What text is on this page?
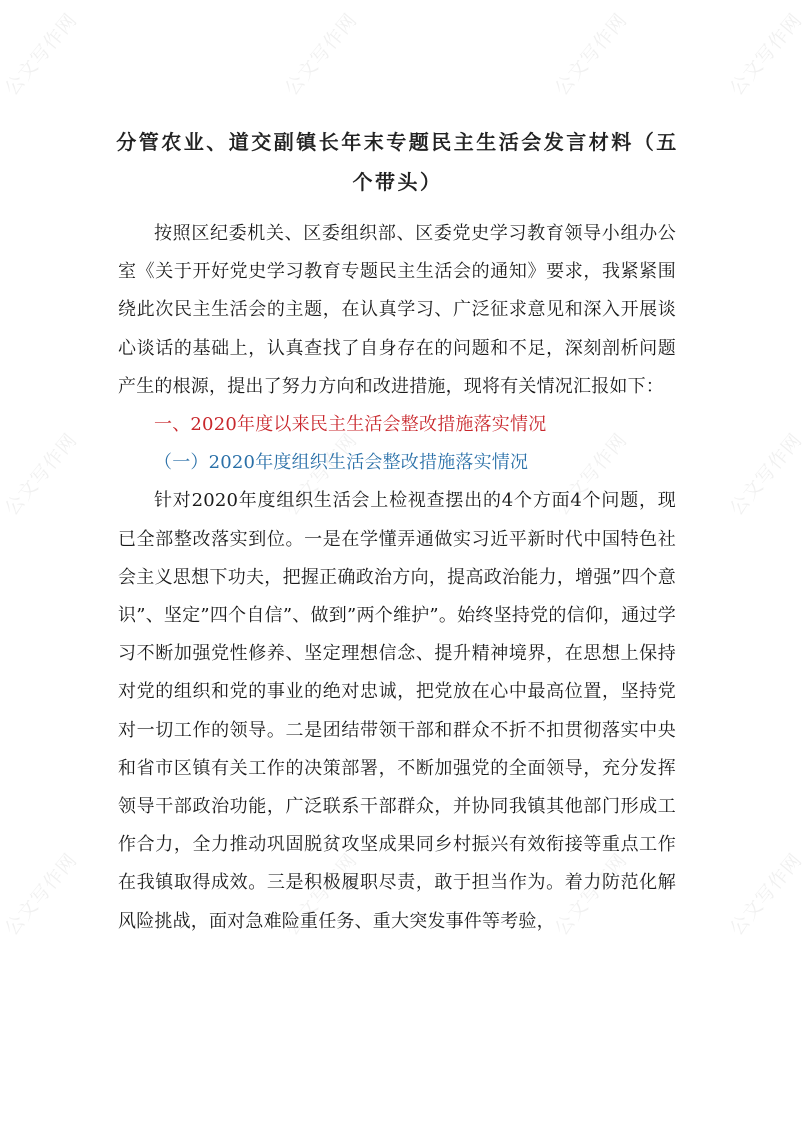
公文写作网	公文写作网	公文写作网	公文写作网
公文写作网	公文写作网	公文写作网	公文写作网
公文写作网	公文写作网	公文写作网	公文写作网
分管农业、道交副镇长年末专题民主生活会发言材料（五个带头）

按照区纪委机关、区委组织部、区委党史学习教育领导小组办公室《关于开好党史学习教育专题民主生活会的通知》要求，我紧紧围绕此次民主生活会的主题，在认真学习、广泛征求意见和深入开展谈心谈话的基础上，认真查找了自身存在的问题和不足，深刻剖析问题产生的根源，提出了努力方向和改进措施，现将有关情况汇报如下：

一、2020年度以来民主生活会整改措施落实情况

（一）2020年度组织生活会整改措施落实情况

针对2020年度组织生活会上检视查摆出的4个方面4个问题，现已全部整改落实到位。一是在学懂弄通做实习近平新时代中国特色社会主义思想下功夫，把握正确政治方向，提高政治能力，增强”四个意识”、坚定”四个自信”、做到”两个维护”。始终坚持党的信仰，通过学习不断加强党性修养、坚定理想信念、提升精神境界，在思想上保持对党的组织和党的事业的绝对忠诚，把党放在心中最高位置，坚持党对一切工作的领导。二是团结带领干部和群众不折不扣贯彻落实中央和省市区镇有关工作的决策部署，不断加强党的全面领导，充分发挥领导干部政治功能，广泛联系干部群众，并协同我镇其他部门形成工作合力，全力推动巩固脱贫攻坚成果同乡村振兴有效衔接等重点工作在我镇取得成效。三是积极履职尽责，敢于担当作为。着力防范化解风险挑战，面对急难险重任务、重大突发事件等考验，
